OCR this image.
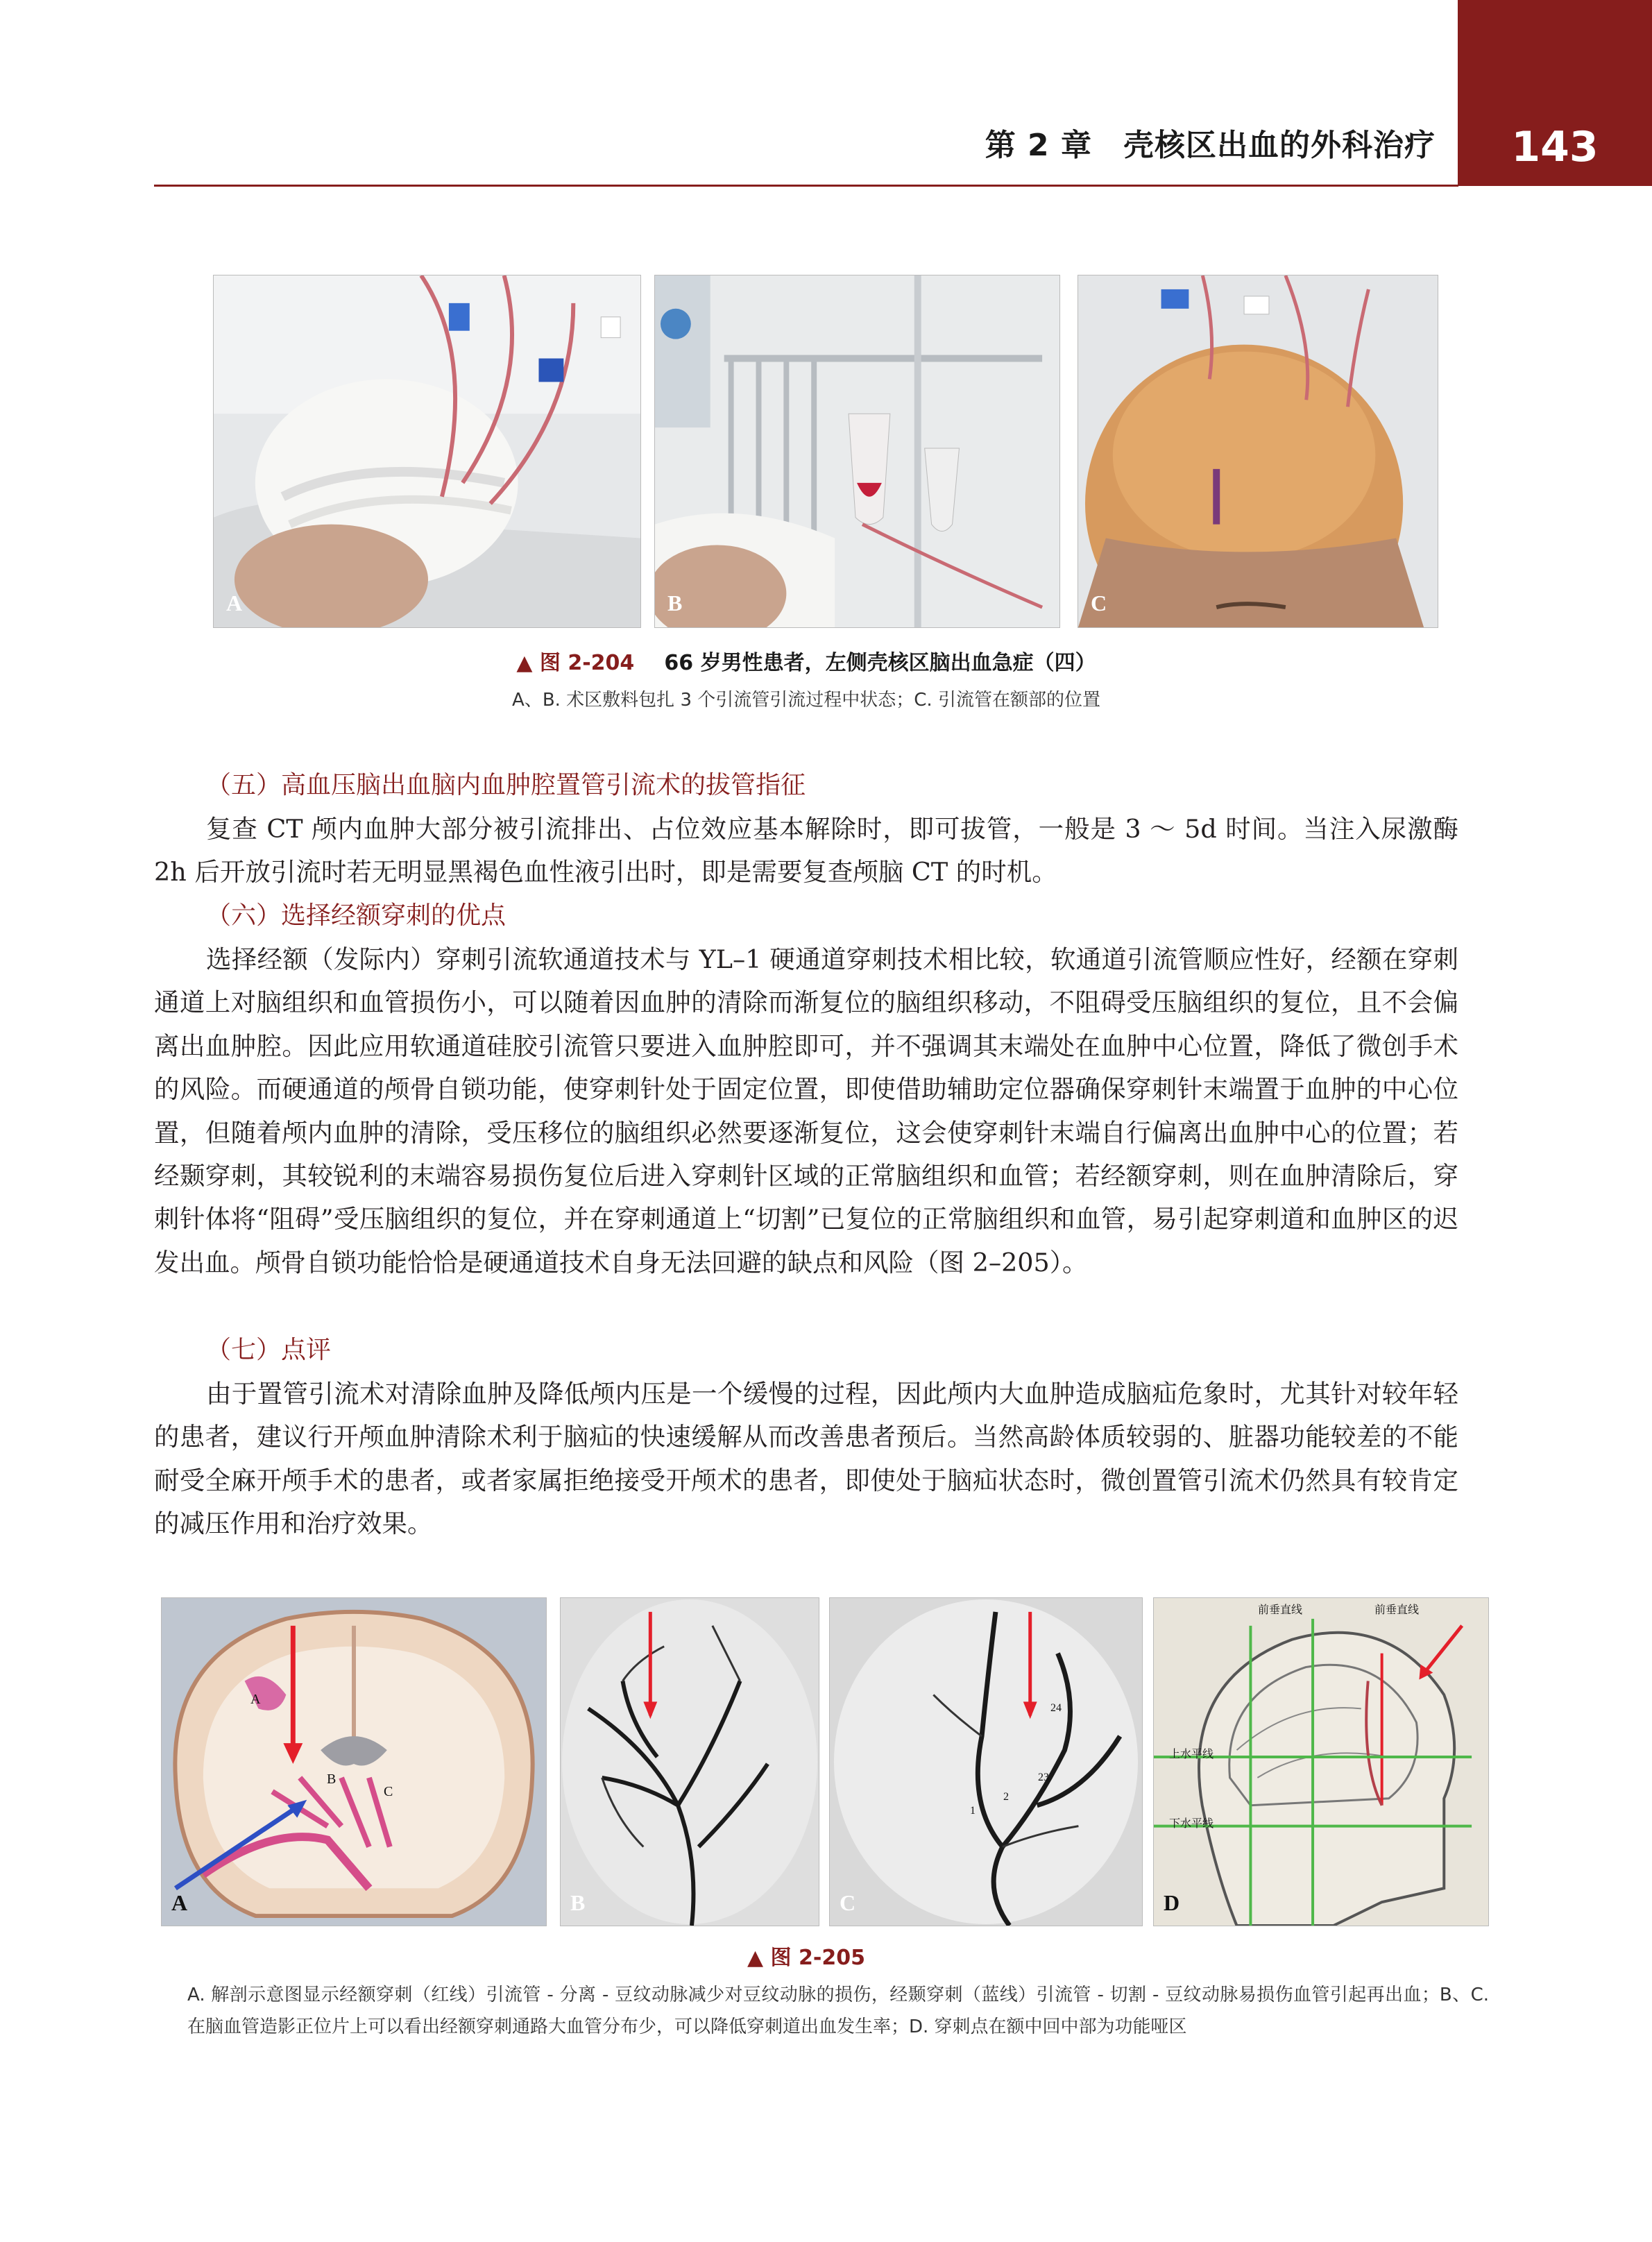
143
第 2 章　壳核区出血的外科治疗
A	B	C
▲ 图 2-204 66 岁男性患者，左侧壳核区脑出血急症（四）
A、B. 术区敷料包扎 3 个引流管引流过程中状态；C. 引流管在额部的位置
（五）高血压脑出血脑内血肿腔置管引流术的拔管指征
复查 CT 颅内血肿大部分被引流排出、占位效应基本解除时，即可拔管，一般是 3 ～ 5d 时间。当注入尿激酶 2h 后开放引流时若无明显黑褐色血性液引出时，即是需要复查颅脑 CT 的时机。
（六）选择经额穿刺的优点
选择经额（发际内）穿刺引流软通道技术与 YL–1 硬通道穿刺技术相比较，软通道引流管顺应性好，经额在穿刺通道上对脑组织和血管损伤小，可以随着因血肿的清除而渐复位的脑组织移动，不阻碍受压脑组织的复位，且不会偏离出血肿腔。因此应用软通道硅胶引流管只要进入血肿腔即可，并不强调其末端处在血肿中心位置，降低了微创手术的风险。而硬通道的颅骨自锁功能，使穿刺针处于固定位置，即使借助辅助定位器确保穿刺针末端置于血肿的中心位置，但随着颅内血肿的清除，受压移位的脑组织必然要逐渐复位，这会使穿刺针末端自行偏离出血肿中心的位置；若经颞穿刺，其较锐利的末端容易损伤复位后进入穿刺针区域的正常脑组织和血管；若经额穿刺，则在血肿清除后，穿刺针体将“阻碍”受压脑组织的复位，并在穿刺通道上“切割”已复位的正常脑组织和血管，易引起穿刺道和血肿区的迟发出血。颅骨自锁功能恰恰是硬通道技术自身无法回避的缺点和风险（图 2–205）。
（七）点评
由于置管引流术对清除血肿及降低颅内压是一个缓慢的过程，因此颅内大血肿造成脑疝危象时，尤其针对较年轻的患者，建议行开颅血肿清除术利于脑疝的快速缓解从而改善患者预后。当然高龄体质较弱的、脏器功能较差的不能耐受全麻开颅手术的患者，或者家属拒绝接受开颅术的患者，即使处于脑疝状态时，微创置管引流术仍然具有较肯定的减压作用和治疗效果。
A
B
C
A	B
24
23
2
1
C
前垂直线	前垂直线
上水平线
下水平线
D
▲ 图 2-205
A. 解剖示意图显示经额穿刺（红线）引流管 - 分离 - 豆纹动脉减少对豆纹动脉的损伤，经颞穿刺（蓝线）引流管 - 切割 - 豆纹动脉易损伤血管引起再出血；B、C. 在脑血管造影正位片上可以看出经额穿刺通路大血管分布少，可以降低穿刺道出血发生率；D. 穿刺点在额中回中部为功能哑区
